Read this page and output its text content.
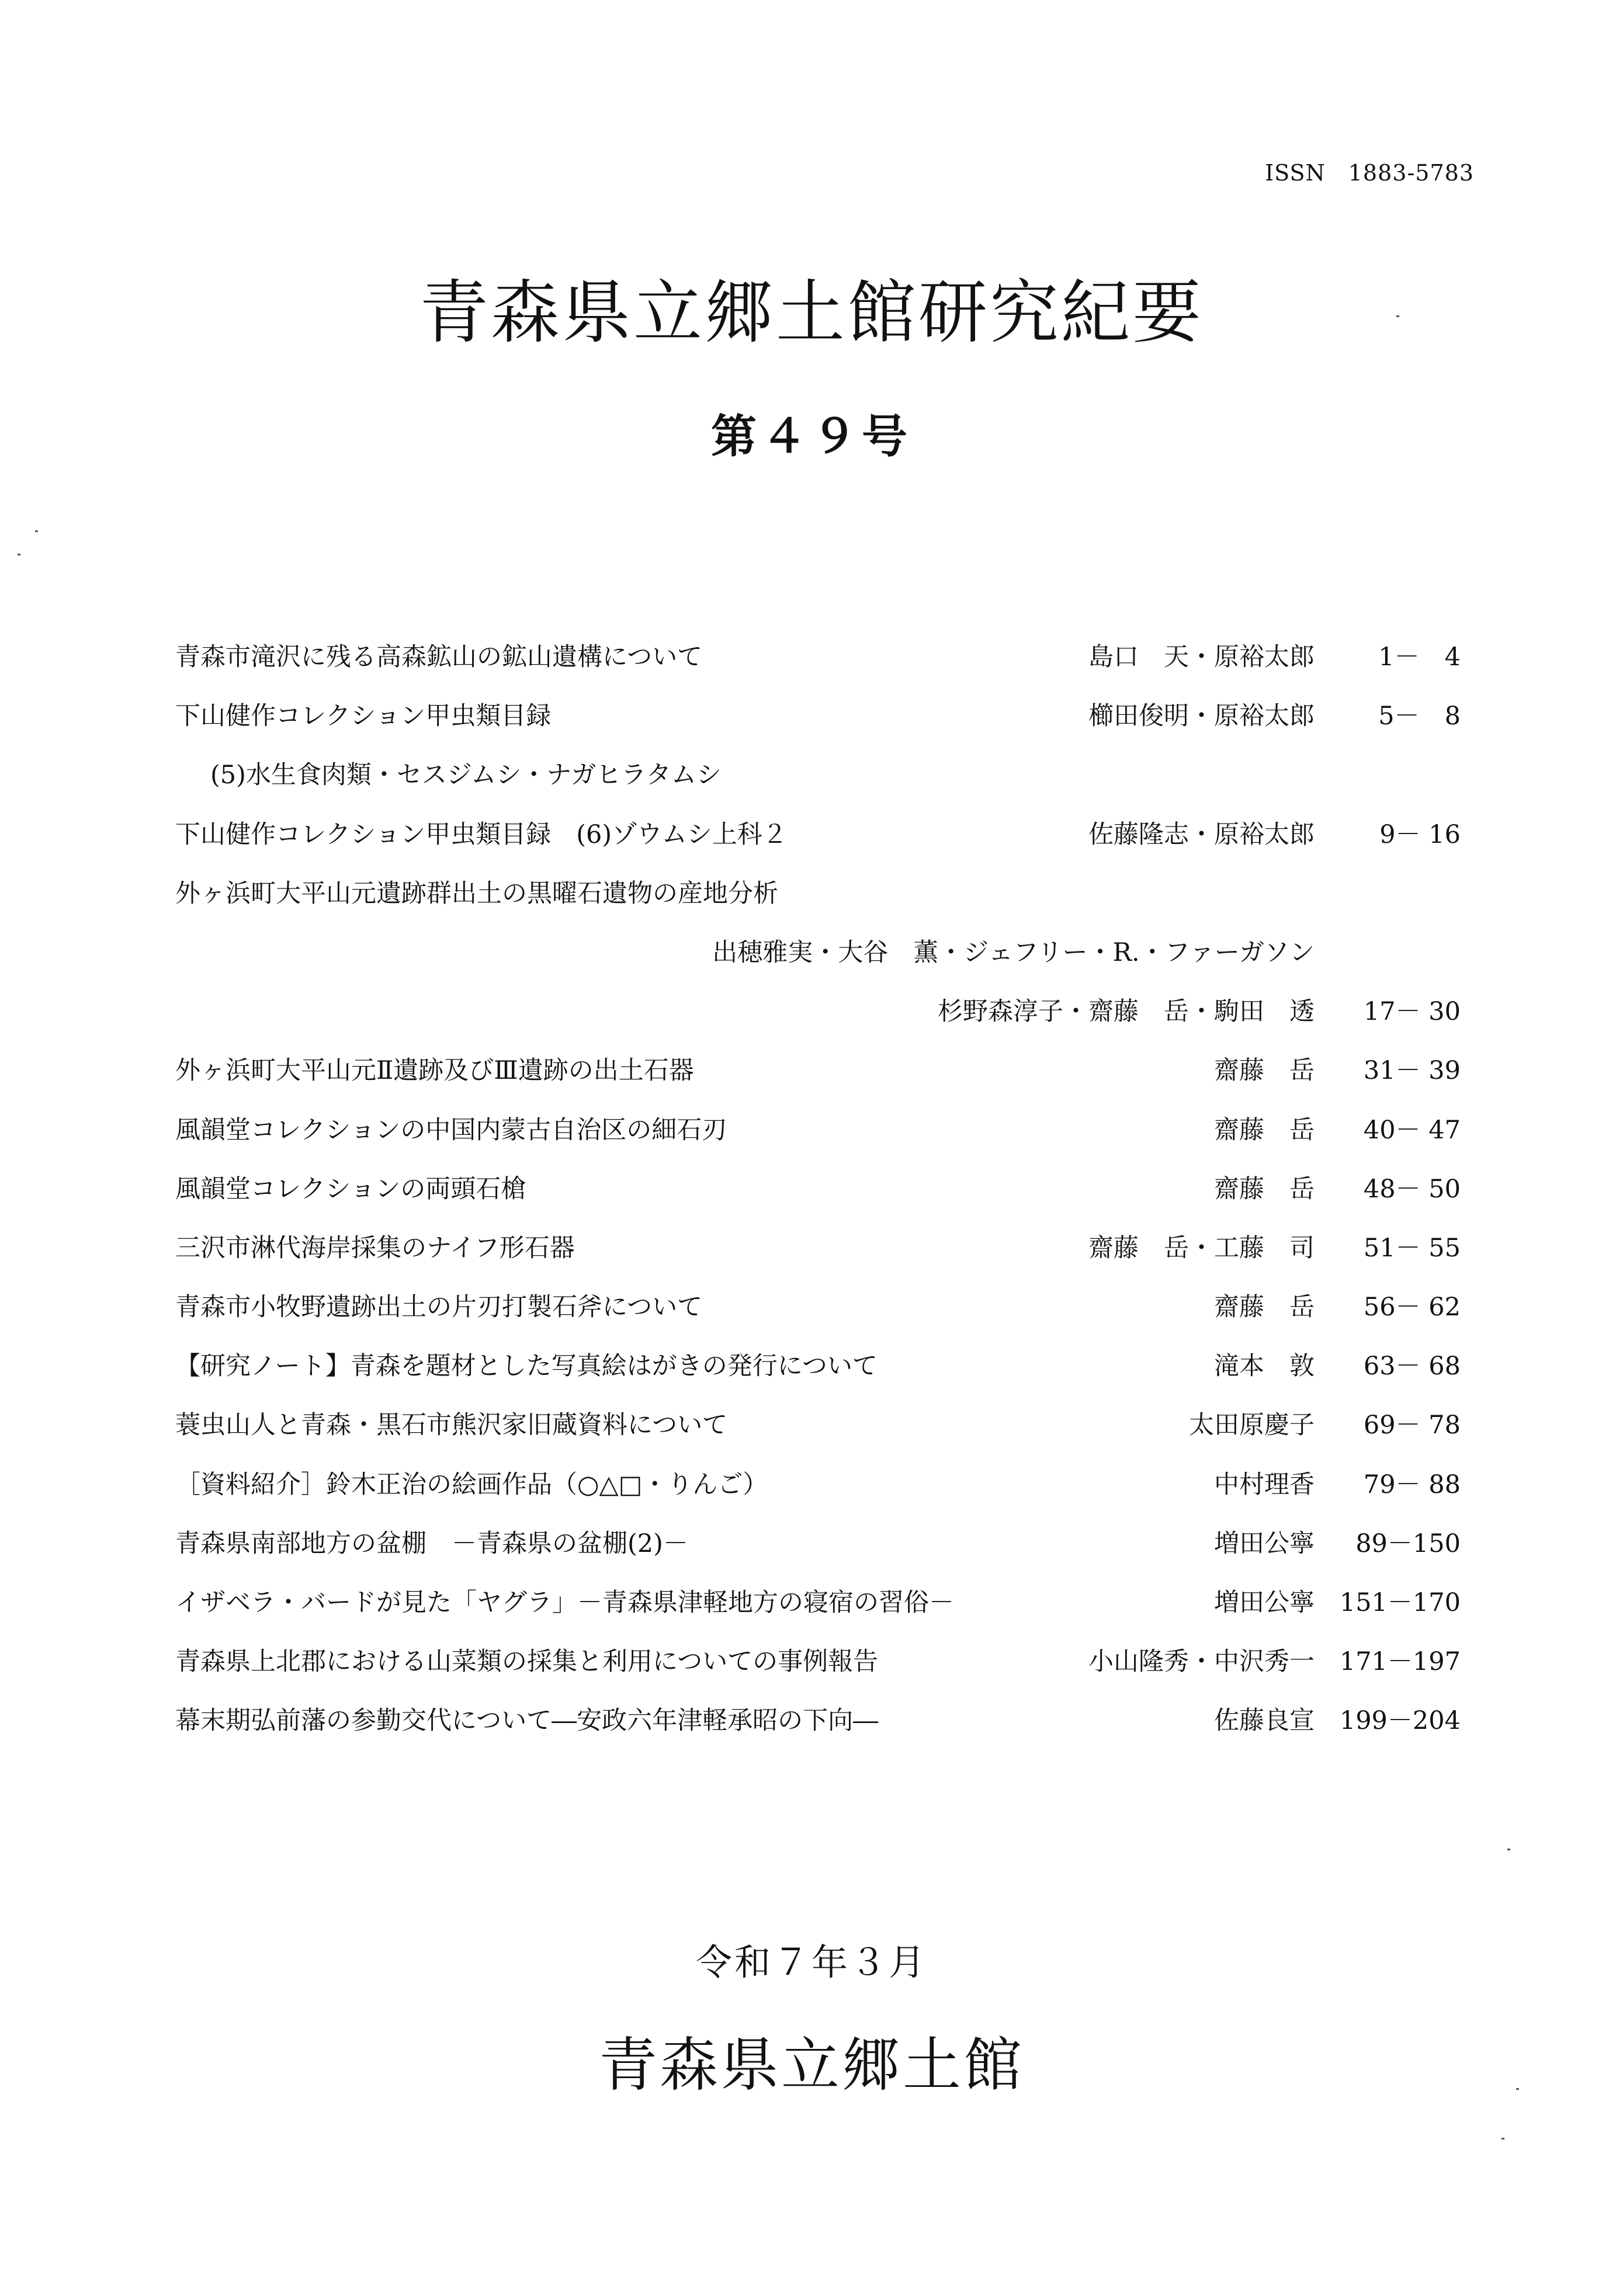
ISSN　1883-5783
青森県立郷土館研究紀要
第４９号
青森市滝沢に残る高森鉱山の鉱山遺構について	島口　天・原裕太郎	1－　4
下山健作コレクション甲虫類目録	櫛田俊明・原裕太郎	5－　8
(5)水生食肉類・セスジムシ・ナガヒラタムシ
下山健作コレクション甲虫類目録　(6)ゾウムシ上科２	佐藤隆志・原裕太郎	9－ 16
外ヶ浜町大平山元遺跡群出土の黒曜石遺物の産地分析
出穂雅実・大谷　薫・ジェフリー・R.・ファーガソン
杉野森淳子・齋藤　岳・駒田　透	17－ 30
外ヶ浜町大平山元Ⅱ遺跡及びⅢ遺跡の出土石器	齋藤　岳	31－ 39
風韻堂コレクションの中国内蒙古自治区の細石刃	齋藤　岳	40－ 47
風韻堂コレクションの両頭石槍	齋藤　岳	48－ 50
三沢市淋代海岸採集のナイフ形石器	齋藤　岳・工藤　司	51－ 55
青森市小牧野遺跡出土の片刃打製石斧について	齋藤　岳	56－ 62
【研究ノート】青森を題材とした写真絵はがきの発行について	滝本　敦	63－ 68
蓑虫山人と青森・黒石市熊沢家旧蔵資料について	太田原慶子	69－ 78
［資料紹介］鈴木正治の絵画作品（○△□・りんご）	中村理香	79－ 88
青森県南部地方の盆棚　－青森県の盆棚(2)－	増田公寧	89－150
イザベラ・バードが見た「ヤグラ」－青森県津軽地方の寝宿の習俗－	増田公寧 151－170
青森県上北郡における山菜類の採集と利用についての事例報告	小山隆秀・中沢秀一 171－197
幕末期弘前藩の参勤交代について―安政六年津軽承昭の下向―	佐藤良宣 199－204
令和７年３月
青森県立郷土館
